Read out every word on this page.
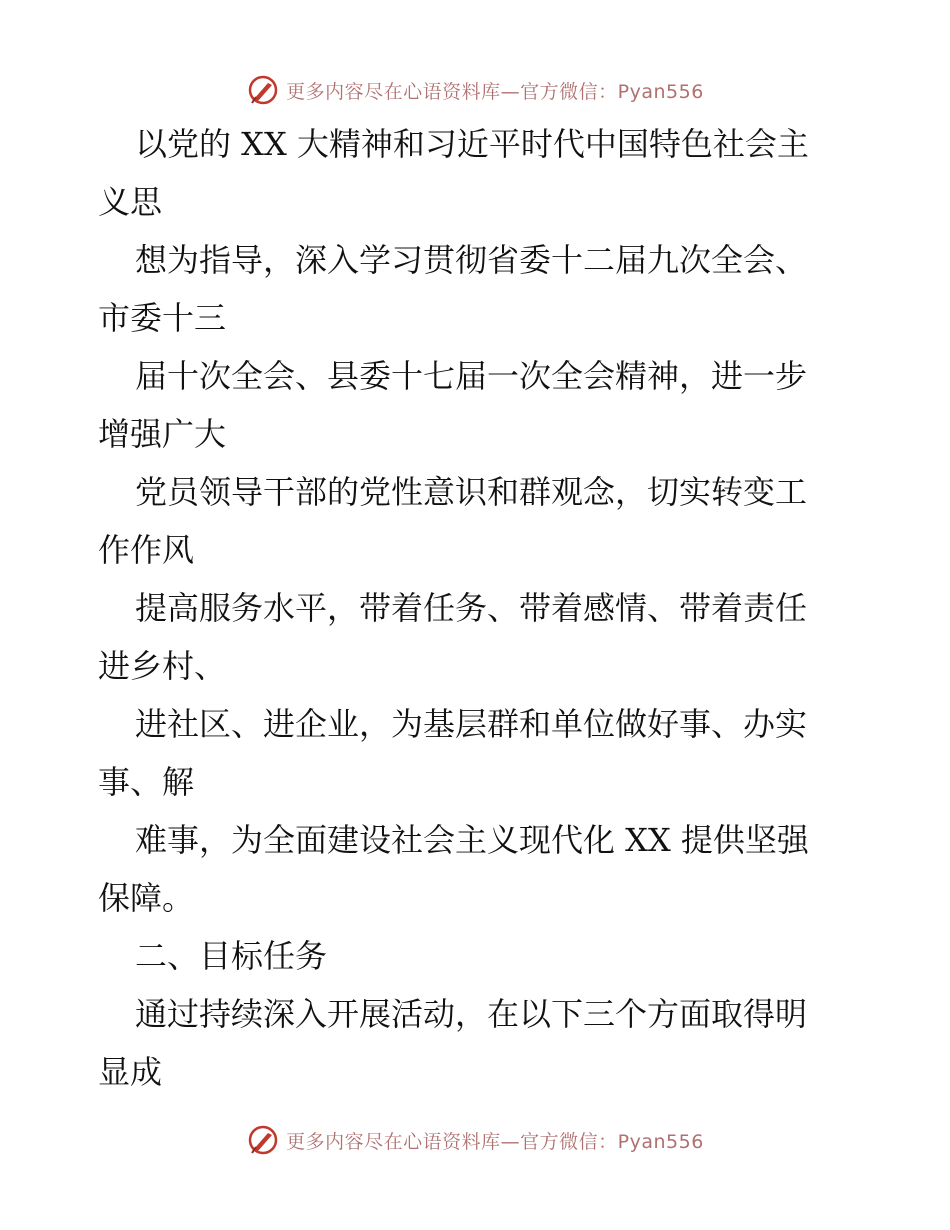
更多内容尽在心语资料库—官方微信：Pyan556
以党的 XX 大精神和习近平时代中国特色社会主
义思
想为指导，深入学习贯彻省委十二届九次全会、
市委十三
届十次全会、县委十七届一次全会精神，进一步
增强广大
党员领导干部的党性意识和群观念，切实转变工
作作风
提高服务水平，带着任务、带着感情、带着责任
进乡村、
进社区、进企业，为基层群和单位做好事、办实
事、解
难事，为全面建设社会主义现代化 XX 提供坚强
保障。
二、目标任务
通过持续深入开展活动，在以下三个方面取得明
显成
更多内容尽在心语资料库—官方微信：Pyan556
